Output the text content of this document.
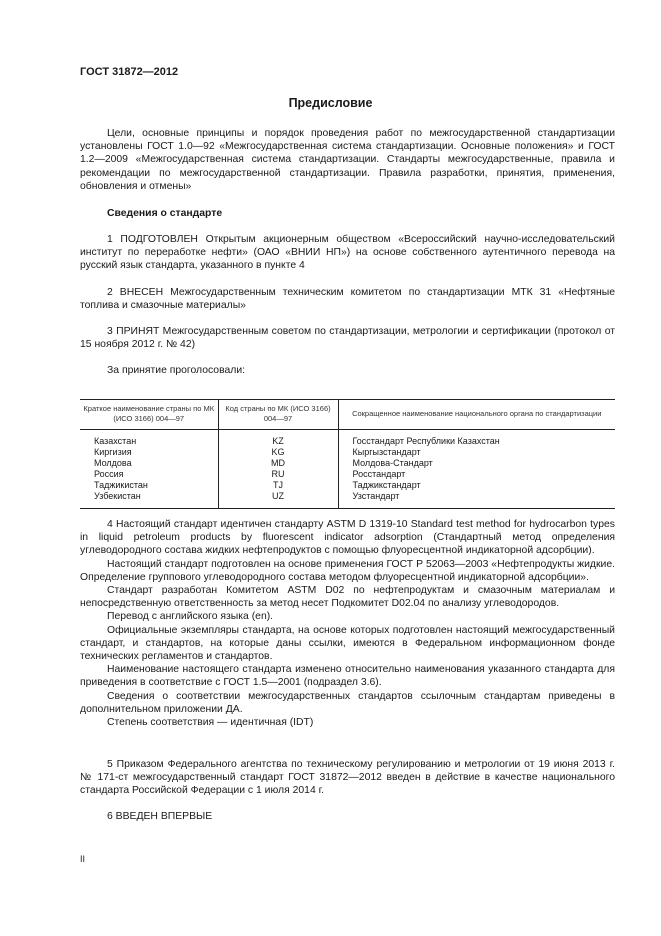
ГОСТ 31872—2012
Предисловие

Цели, основные принципы и порядок проведения работ по межгосударственной стандартизации установлены ГОСТ 1.0—92 «Межгосударственная система стандартизации. Основные положения» и ГОСТ 1.2—2009 «Межгосударственная система стандартизации. Стандарты межгосударственные, правила и рекомендации по межгосударственной стандартизации. Правила разработки, принятия, применения, обновления и отмены»

Сведения о стандарте

1 ПОДГОТОВЛЕН Открытым акционерным обществом «Всероссийский научно-исследовательский институт по переработке нефти» (ОАО «ВНИИ НП») на основе собственного аутентичного перевода на русский язык стандарта, указанного в пункте 4

2 ВНЕСЕН Межгосударственным техническим комитетом по стандартизации МТК 31 «Нефтяные топлива и смазочные материалы»

3 ПРИНЯТ Межгосударственным советом по стандартизации, метрологии и сертификации (протокол от 15 ноября 2012 г. № 42)

За принятие проголосовали:

Краткое наименование страны по МК (ИСО 3166) 004—97	Код страны по МК (ИСО 3166) 004—97	Сокращенное наименование национального органа по стандартизации
Казахстан	KZ	Госстандарт Республики Казахстан
Киргизия	KG	Кыргызстандарт
Молдова	MD	Молдова-Стандарт
Россия	RU	Росстандарт
Таджикистан	TJ	Таджикстандарт
Узбекистан	UZ	Узстандарт

4 Настоящий стандарт идентичен стандарту ASTM D 1319-10 Standard test method for hydrocarbon types in liquid petroleum products by fluorescent indicator adsorption (Стандартный метод определения углеводородного состава жидких нефтепродуктов с помощью флуоресцентной индикаторной адсорбции).

Настоящий стандарт подготовлен на основе применения ГОСТ Р 52063—2003 «Нефтепродукты жидкие. Определение группового углеводородного состава методом флуоресцентной индикаторной адсорбции».

Стандарт разработан Комитетом ASTM D02 по нефтепродуктам и смазочным материалам и непосредственную ответственность за метод несет Подкомитет D02.04 по анализу углеводородов.

Перевод с английского языка (en).

Официальные экземпляры стандарта, на основе которых подготовлен настоящий межгосударственный стандарт, и стандартов, на которые даны ссылки, имеются в Федеральном информационном фонде технических регламентов и стандартов.

Наименование настоящего стандарта изменено относительно наименования указанного стандарта для приведения в соответствие с ГОСТ 1.5—2001 (подраздел 3.6).

Сведения о соответствии межгосударственных стандартов ссылочным стандартам приведены в дополнительном приложении ДА.

Степень соответствия — идентичная (IDT)

5 Приказом Федерального агентства по техническому регулированию и метрологии от 19 июня 2013 г. № 171-ст межгосударственный стандарт ГОСТ 31872—2012 введен в действие в качестве национального стандарта Российской Федерации с 1 июля 2014 г.

6 ВВЕДЕН ВПЕРВЫЕ

II
